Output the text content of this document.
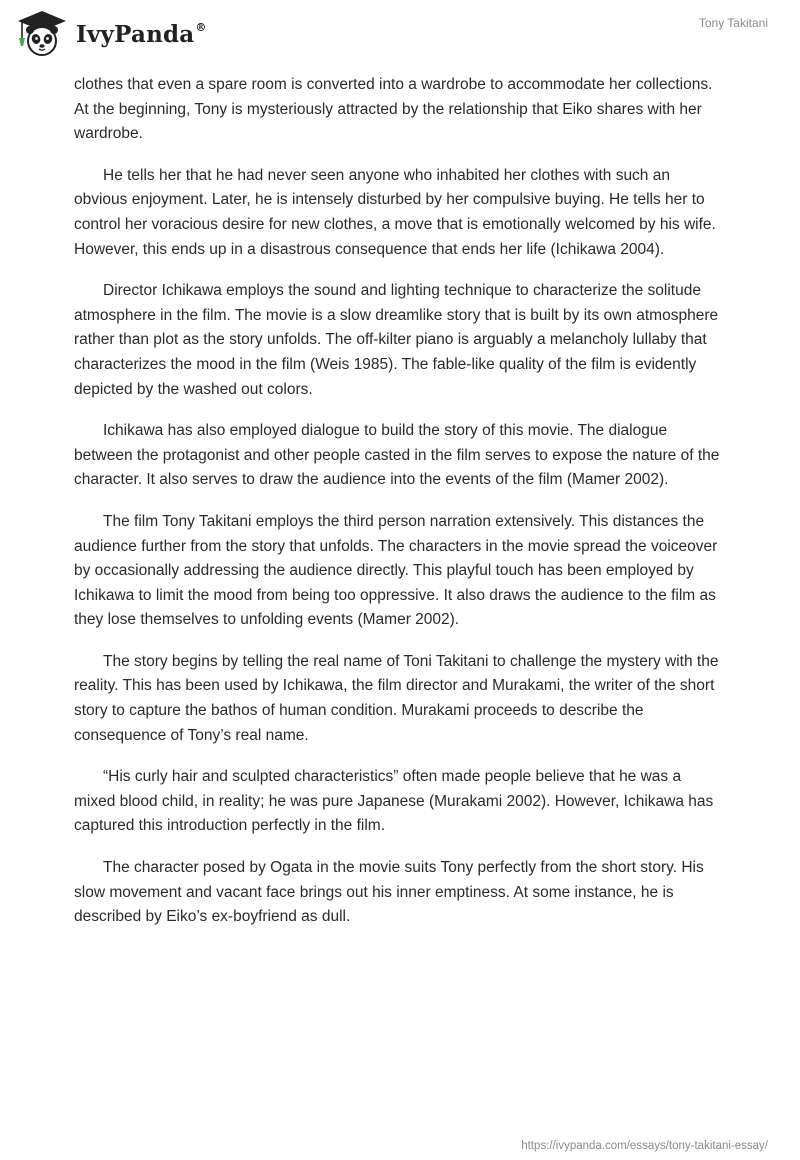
IvyPanda®	Tony Takitani

clothes that even a spare room is converted into a wardrobe to accommodate her collections. At the beginning, Tony is mysteriously attracted by the relationship that Eiko shares with her wardrobe.

He tells her that he had never seen anyone who inhabited her clothes with such an obvious enjoyment. Later, he is intensely disturbed by her compulsive buying. He tells her to control her voracious desire for new clothes, a move that is emotionally welcomed by his wife. However, this ends up in a disastrous consequence that ends her life (Ichikawa 2004).

Director Ichikawa employs the sound and lighting technique to characterize the solitude atmosphere in the film. The movie is a slow dreamlike story that is built by its own atmosphere rather than plot as the story unfolds. The off-kilter piano is arguably a melancholy lullaby that characterizes the mood in the film (Weis 1985). The fable-like quality of the film is evidently depicted by the washed out colors.

Ichikawa has also employed dialogue to build the story of this movie. The dialogue between the protagonist and other people casted in the film serves to expose the nature of the character. It also serves to draw the audience into the events of the film (Mamer 2002).

The film Tony Takitani employs the third person narration extensively. This distances the audience further from the story that unfolds. The characters in the movie spread the voiceover by occasionally addressing the audience directly. This playful touch has been employed by Ichikawa to limit the mood from being too oppressive. It also draws the audience to the film as they lose themselves to unfolding events (Mamer 2002).

The story begins by telling the real name of Toni Takitani to challenge the mystery with the reality. This has been used by Ichikawa, the film director and Murakami, the writer of the short story to capture the bathos of human condition. Murakami proceeds to describe the consequence of Tony’s real name.

“His curly hair and sculpted characteristics” often made people believe that he was a mixed blood child, in reality; he was pure Japanese (Murakami 2002). However, Ichikawa has captured this introduction perfectly in the film.

The character posed by Ogata in the movie suits Tony perfectly from the short story. His slow movement and vacant face brings out his inner emptiness. At some instance, he is described by Eiko’s ex-boyfriend as dull.

https://ivypanda.com/essays/tony-takitani-essay/
